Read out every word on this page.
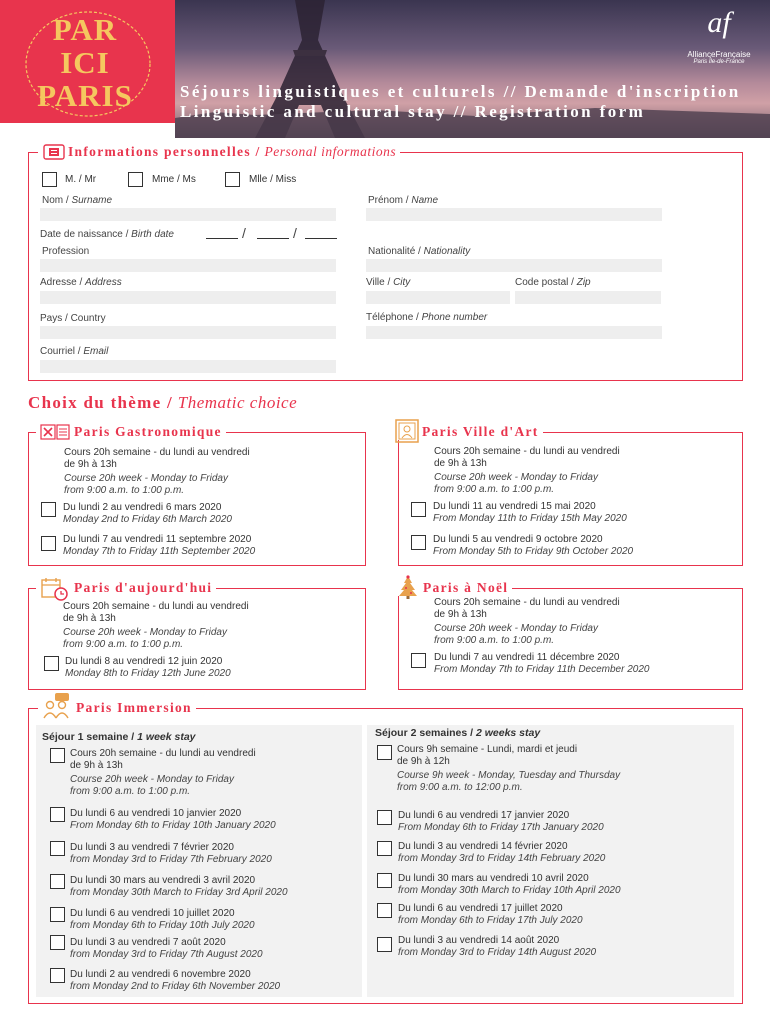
PAR
ICI
PARIS	Séjours linguistiques et culturels // Demande d'inscription
Linguistic and cultural stay // Registration form
af
AllianceFrançaise
Paris Île-de-France
Informations personnelles / Personal informations
M. / Mr	Mme / Ms	Mlle / Miss
Nom / Surname	Prénom / Name
Date de naissance / Birth date	/	/
Profession	Nationalité / Nationality
Adresse / Address	Ville / City	Code postal / Zip
Pays / Country	Téléphone / Phone number
Courriel / Email
Choix du thème / Thematic choice
Paris Gastronomique
Cours 20h semaine - du lundi au vendredi
de 9h à 13h
Course 20h week - Monday to Friday
from 9:00 a.m. to 1:00 p.m.
Du lundi 2 au vendredi 6 mars 2020
Monday 2nd to Friday 6th March 2020
Du lundi 7 au vendredi 11 septembre 2020
Monday 7th to Friday 11th September 2020
Paris Ville d'Art
Cours 20h semaine - du lundi au vendredi
de 9h à 13h
Course 20h week - Monday to Friday
from 9:00 a.m. to 1:00 p.m.
Du lundi 11 au vendredi 15 mai 2020
From Monday 11th to Friday 15th May 2020
Du lundi 5 au vendredi 9 octobre 2020
From Monday 5th to Friday 9th October 2020
Paris d'aujourd'hui
Cours 20h semaine - du lundi au vendredi
de 9h à 13h
Course 20h week - Monday to Friday
from 9:00 a.m. to 1:00 p.m.
Du lundi 8 au vendredi 12 juin 2020
Monday 8th to Friday 12th June 2020
Paris à Noël
Cours 20h semaine - du lundi au vendredi
de 9h à 13h
Course 20h week - Monday to Friday
from 9:00 a.m. to 1:00 p.m.
Du lundi 7 au vendredi 11 décembre 2020
From Monday 7th to Friday 11th December 2020
Paris Immersion
Séjour 1 semaine / 1 week stay
Cours 20h semaine - du lundi au vendredi
de 9h à 13h
Course 20h week - Monday to Friday
from 9:00 a.m. to 1:00 p.m.
Du lundi 6 au vendredi 10 janvier 2020
From Monday 6th to Friday 10th January 2020
Du lundi 3 au vendredi 7 février 2020
from Monday 3rd to Friday 7th February 2020
Du lundi 30 mars au vendredi 3 avril 2020
from Monday 30th March to Friday 3rd April 2020
Du lundi 6 au vendredi 10 juillet 2020
from Monday 6th to Friday 10th July 2020
Du lundi 3 au vendredi 7 août 2020
from Monday 3rd to Friday 7th August 2020
Du lundi 2 au vendredi 6 novembre 2020
from Monday 2nd to Friday 6th November 2020
Séjour 2 semaines / 2 weeks stay
Cours 9h semaine - Lundi, mardi et jeudi
de 9h à 12h
Course 9h week - Monday, Tuesday and Thursday
from 9:00 a.m. to 12:00 p.m.
Du lundi 6 au vendredi 17 janvier 2020
From Monday 6th to Friday 17th January 2020
Du lundi 3 au vendredi 14 février 2020
from Monday 3rd to Friday 14th February 2020
Du lundi 30 mars au vendredi 10 avril 2020
from Monday 30th March to Friday 10th April 2020
Du lundi 6 au vendredi 17 juillet 2020
from Monday 6th to Friday 17th July 2020
Du lundi 3 au vendredi 14 août 2020
from Monday 3rd to Friday 14th August 2020
